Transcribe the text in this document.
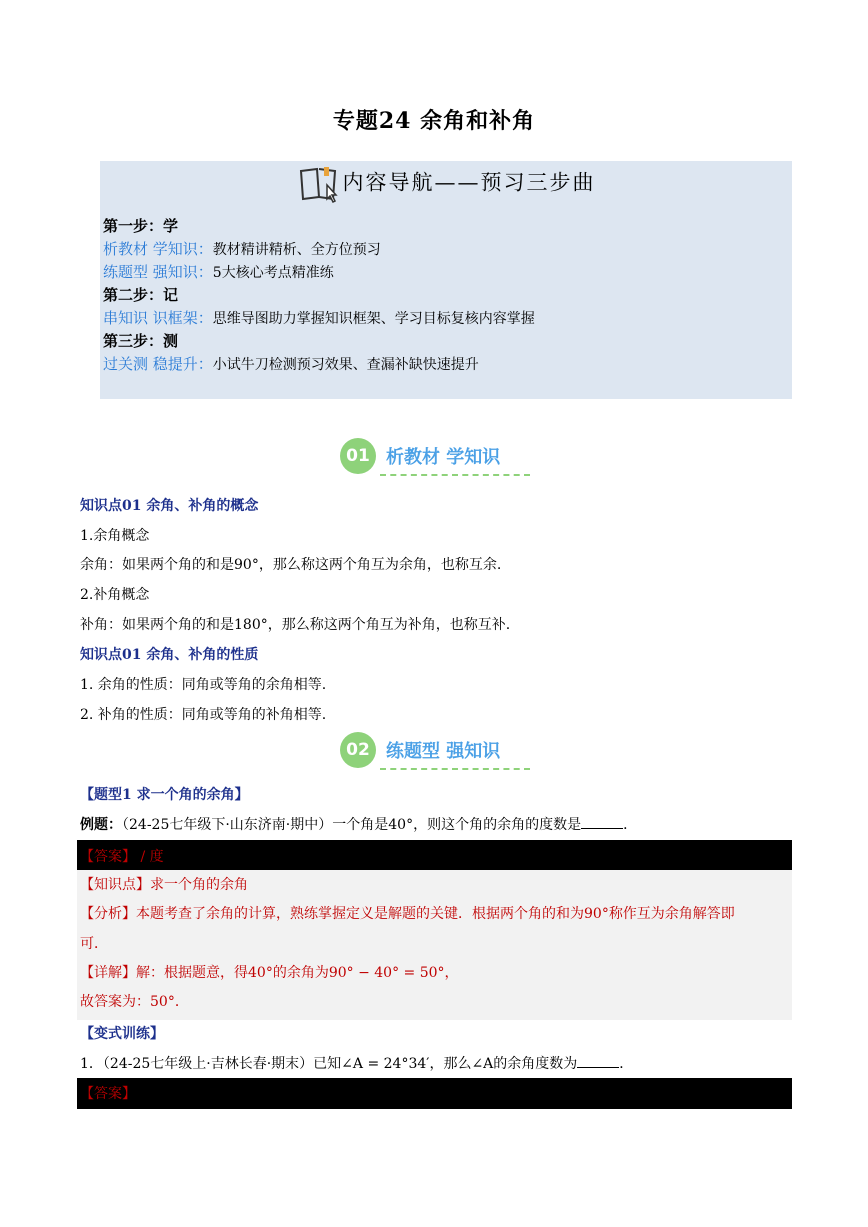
专题24 余角和补角
内容导航——预习三步曲
第一步：学
析教材 学知识：教材精讲精析、全方位预习
练题型 强知识：5大核心考点精准练
第二步：记
串知识 识框架：思维导图助力掌握知识框架、学习目标复核内容掌握
第三步：测
过关测 稳提升：小试牛刀检测预习效果、查漏补缺快速提升
01 析教材 学知识
知识点01 余角、补角的概念
1.余角概念
余角：如果两个角的和是90°，那么称这两个角互为余角，也称互余.
2.补角概念
补角：如果两个角的和是180°，那么称这两个角互为补角，也称互补.
知识点01 余角、补角的性质
1. 余角的性质：同角或等角的余角相等.
2. 补角的性质：同角或等角的补角相等.
02 练题型 强知识
【题型1 求一个角的余角】
例题：（24-25七年级下·山东济南·期中）一个角是40°，则这个角的余角的度数是	．
【答案】 / 度
【知识点】求一个角的余角
【分析】本题考查了余角的计算，熟练掌握定义是解题的关键．根据两个角的和为90°称作互为余角解答即
可．
【详解】解：根据题意，得40°的余角为90° − 40° = 50°，
故答案为：50°．
【变式训练】
1．（24-25七年级上·吉林长春·期末）已知∠A = 24°34′，那么∠A的余角度数为	．
【答案】
